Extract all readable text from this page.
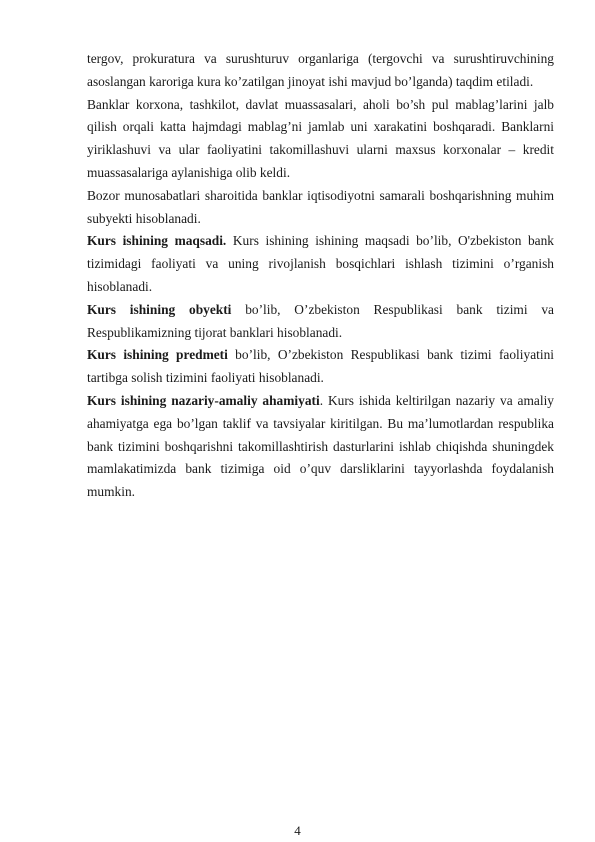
tergov, prokuratura va surushturuv organlariga (tergovchi va surushtiruvchining asoslangan karoriga kura ko’zatilgan jinoyat ishi mavjud bo’lganda) taqdim etiladi.

Banklar korxona, tashkilot, davlat muassasalari, aholi bo’sh pul mablag’larini jalb qilish orqali katta hajmdagi mablag’ni jamlab uni xarakatini boshqaradi. Banklarni yiriklashuvi va ular faoliyatini takomillashuvi ularni maxsus korxonalar – kredit muassasalariga aylanishiga olib keldi.

Bozor munosabatlari sharoitida banklar iqtisodiyotni samarali boshqarishning muhim subyekti hisoblanadi.

Kurs ishining maqsadi. Kurs ishining ishining maqsadi bo’lib, O'zbekiston bank tizimidagi faoliyati va uning rivojlanish bosqichlari ishlash tizimini o’rganish hisoblanadi.

Kurs ishining obyekti bo’lib, O’zbekiston Respublikasi bank tizimi va Respublikamizning tijorat banklari hisoblanadi.

Kurs ishining predmeti bo’lib, O’zbekiston Respublikasi bank tizimi faoliyatini tartibga solish tizimini faoliyati hisoblanadi.

Kurs ishining nazariy-amaliy ahamiyati. Kurs ishida keltirilgan nazariy va amaliy ahamiyatga ega bo’lgan taklif va tavsiyalar kiritilgan. Bu ma’lumotlardan respublika bank tizimini boshqarishni takomillashtirish dasturlarini ishlab chiqishda shuningdek mamlakatimizda bank tizimiga oid o’quv darsliklarini tayyorlashda foydalanish mumkin.

4
